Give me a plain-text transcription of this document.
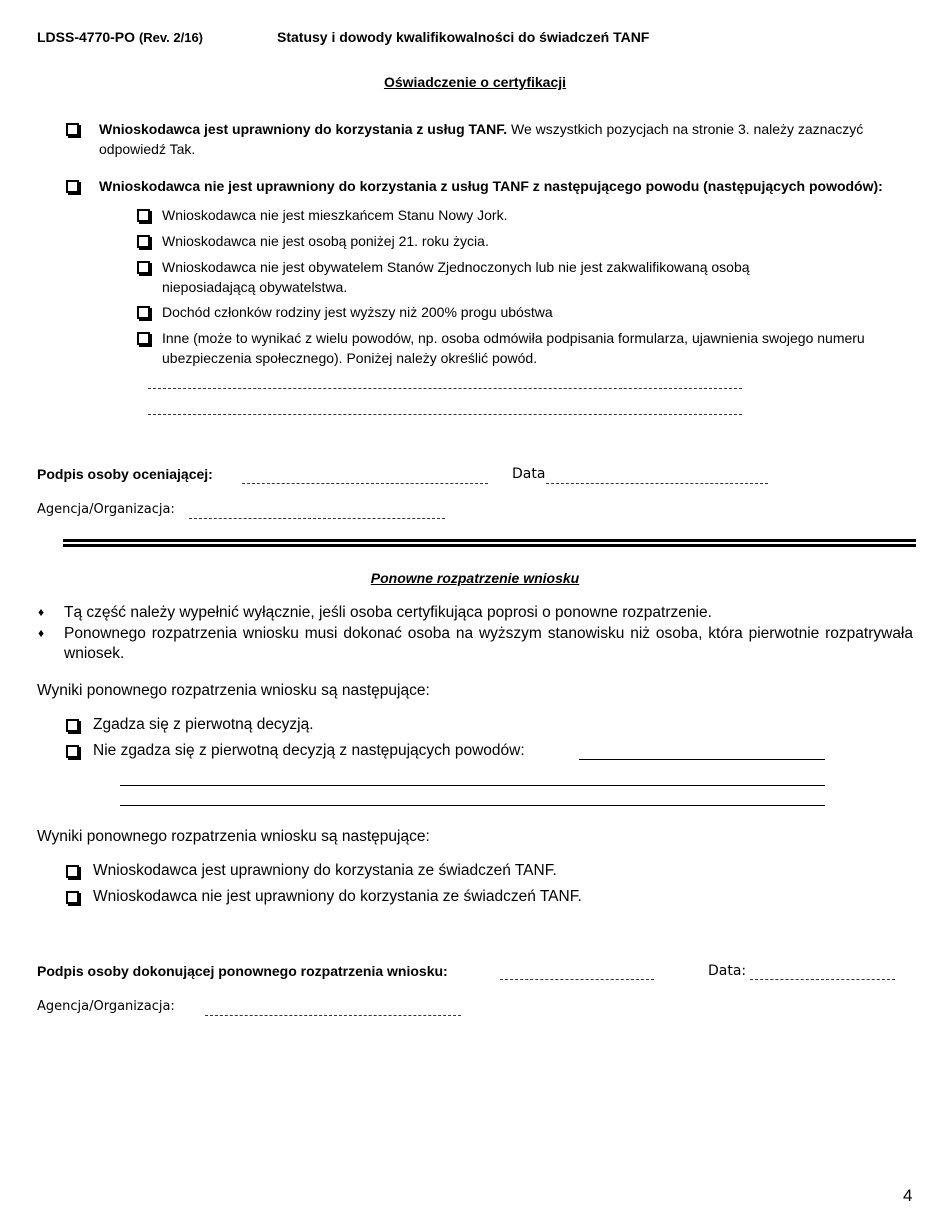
LDSS-4770-PO (Rev. 2/16)	Statusy i dowody kwalifikowalności do świadczeń TANF
Oświadczenie o certyfikacji
Wnioskodawca jest uprawniony do korzystania z usług TANF. We wszystkich pozycjach na stronie 3. należy zaznaczyć odpowiedź Tak.
Wnioskodawca nie jest uprawniony do korzystania z usług TANF z następującego powodu (następujących powodów):
Wnioskodawca nie jest mieszkańcem Stanu Nowy Jork.
Wnioskodawca nie jest osobą poniżej 21. roku życia.
Wnioskodawca nie jest obywatelem Stanów Zjednoczonych lub nie jest zakwalifikowaną osobą nieposiadającą obywatelstwa.
Dochód członków rodziny jest wyższy niż 200% progu ubóstwa
Inne (może to wynikać z wielu powodów, np. osoba odmówiła podpisania formularza, ujawnienia swojego numeru ubezpieczenia społecznego). Poniżej należy określić powód.
Podpis osoby oceniającej:	Data
Agencja/Organizacja:
Ponowne rozpatrzenie wniosku
♦ Tą część należy wypełnić wyłącznie, jeśli osoba certyfikująca poprosi o ponowne rozpatrzenie.
♦ Ponownego rozpatrzenia wniosku musi dokonać osoba na wyższym stanowisku niż osoba, która pierwotnie rozpatrywała wniosek.
Wyniki ponownego rozpatrzenia wniosku są następujące:
Zgadza się z pierwotną decyzją.
Nie zgadza się z pierwotną decyzją z następujących powodów:
Wyniki ponownego rozpatrzenia wniosku są następujące:
Wnioskodawca jest uprawniony do korzystania ze świadczeń TANF.
Wnioskodawca nie jest uprawniony do korzystania ze świadczeń TANF.
Podpis osoby dokonującej ponownego rozpatrzenia wniosku:	Data:
Agencja/Organizacja:
4
